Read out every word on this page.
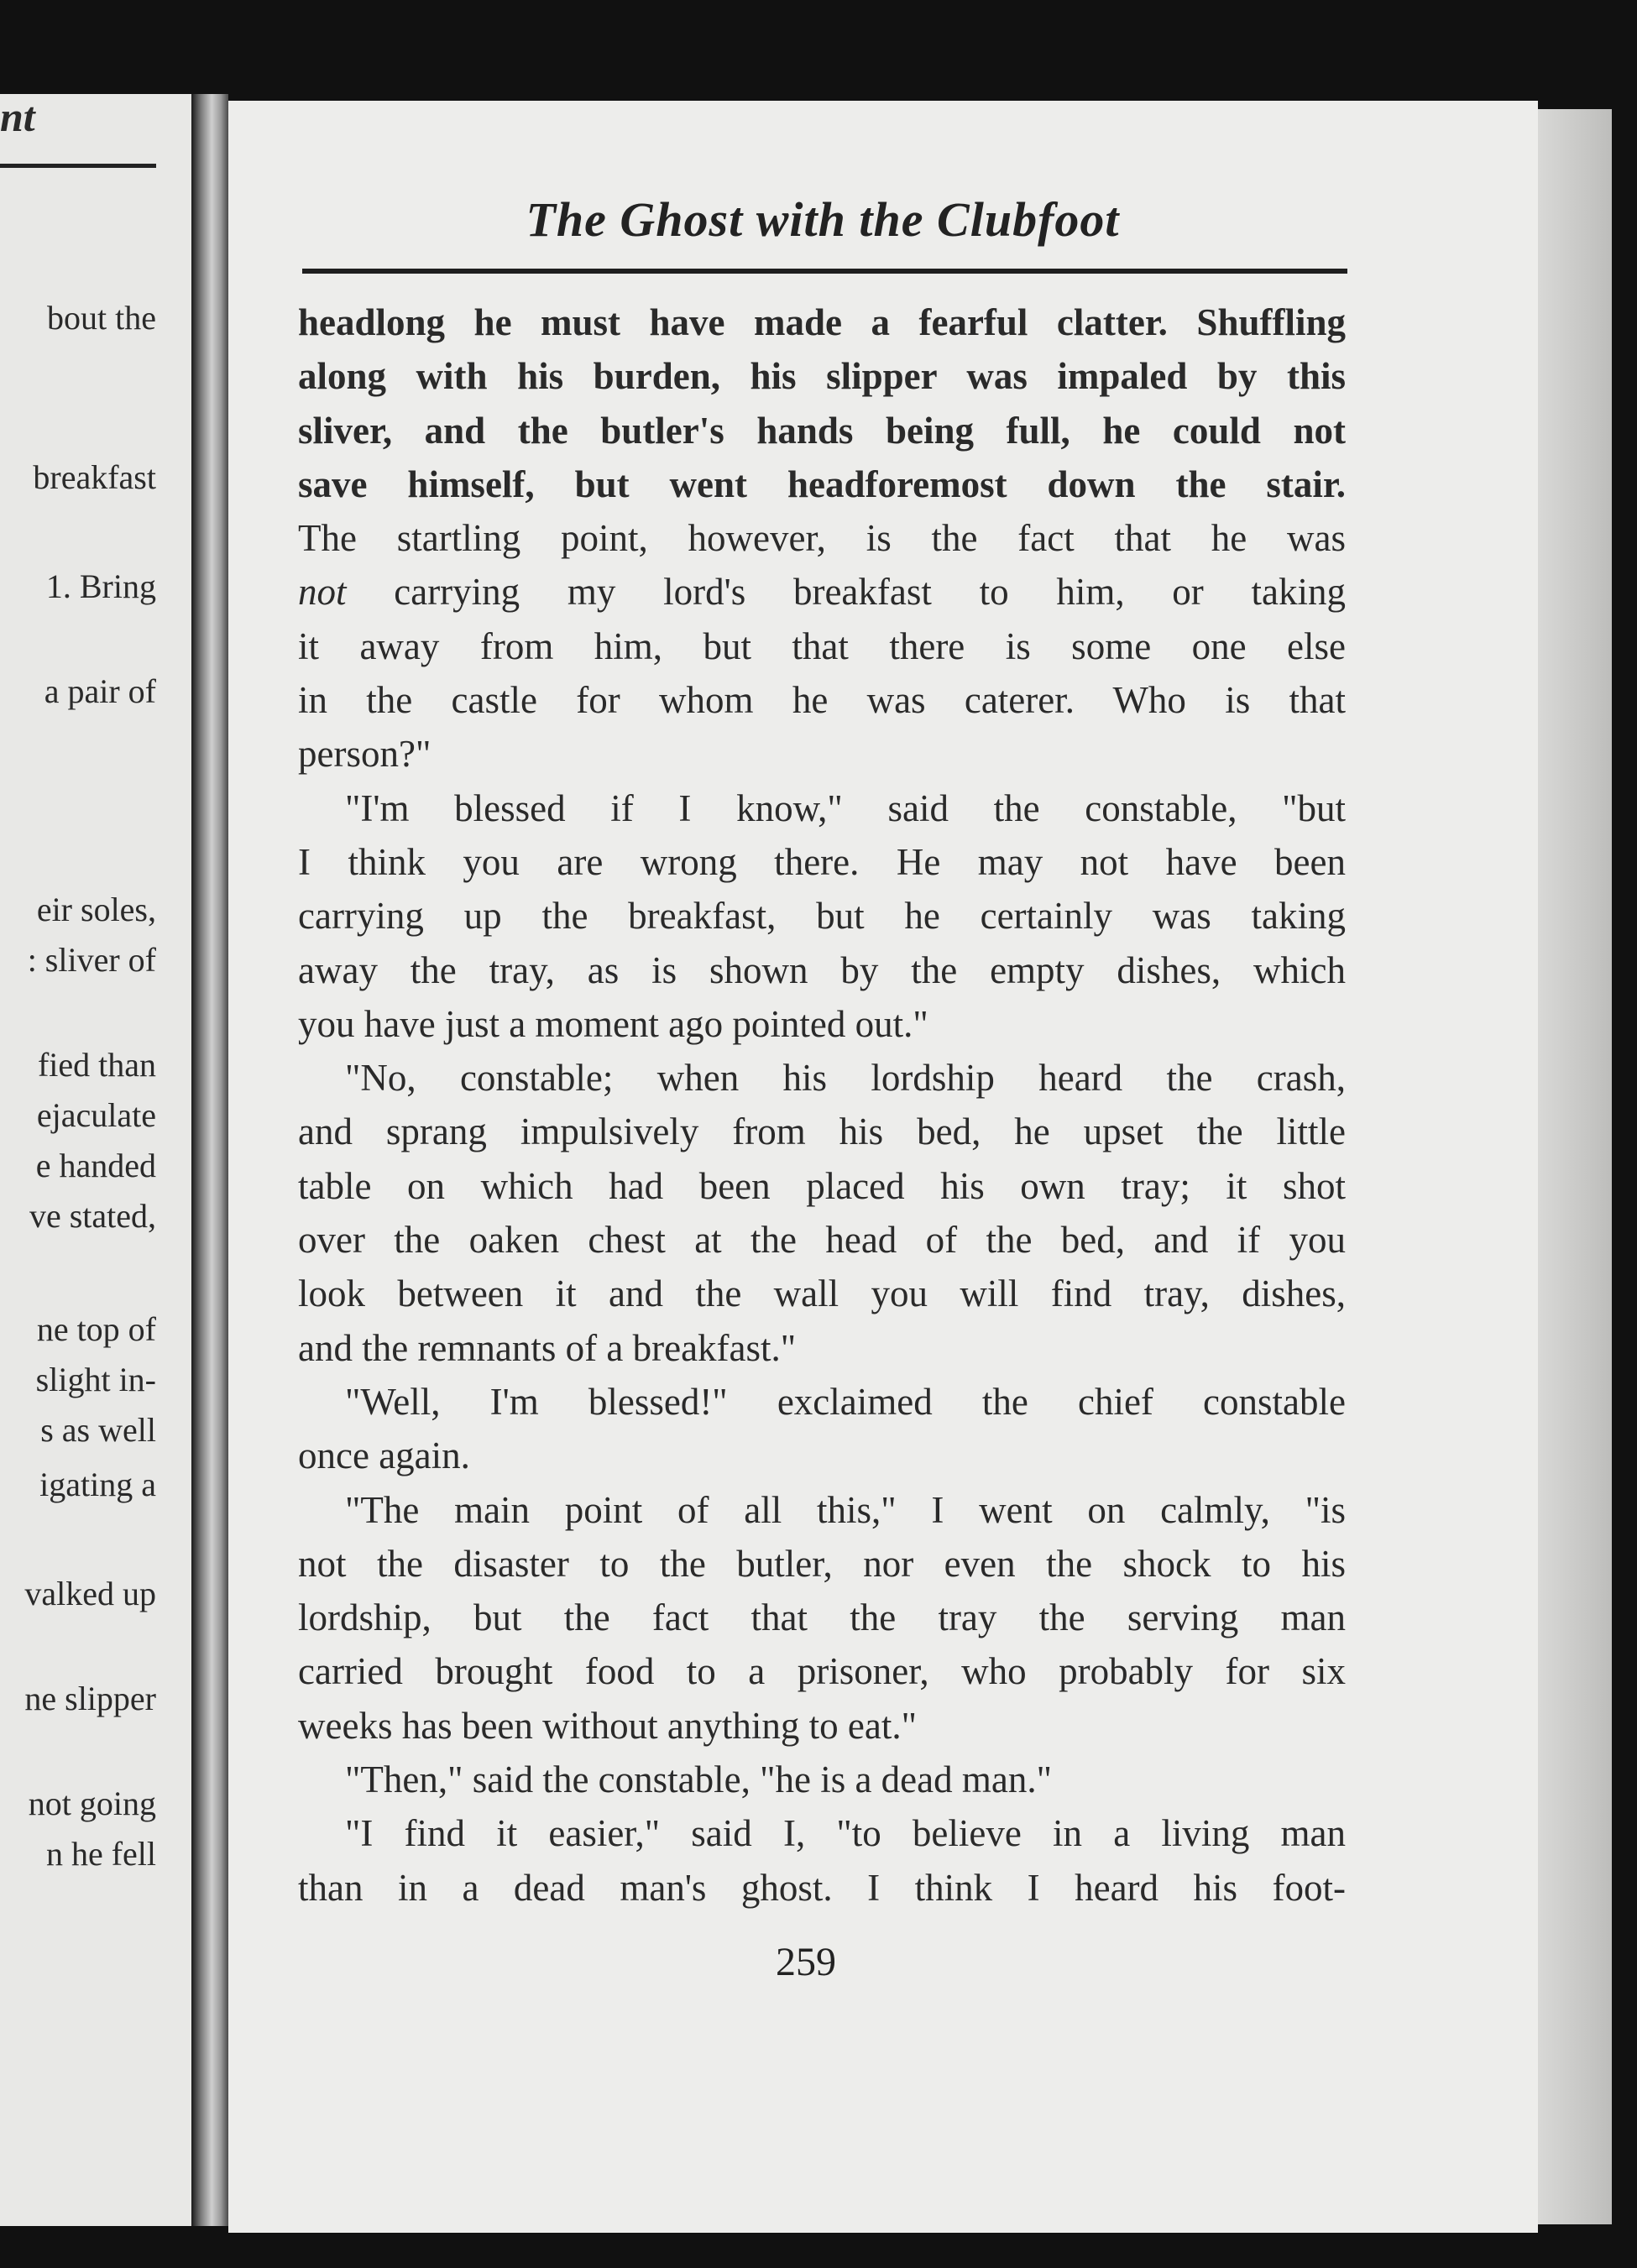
nt
bout the
breakfast
1. Bring
a pair of
eir soles,
: sliver of
fied than
ejaculate
e handed
ve stated,
ne top of
slight in-
s as well
igating a
valked up
ne slipper
not going
n he fell
The Ghost with the Clubfoot
headlong he must have made a fearful clatter. Shuffling
along with his burden, his slipper was impaled by this
sliver, and the butler's hands being full, he could not
save himself, but went headforemost down the stair.
The startling point, however, is the fact that he was
not carrying my lord's breakfast to him, or taking
it away from him, but that there is some one else
in the castle for whom he was caterer. Who is that
person?"
"I'm blessed if I know," said the constable, "but
I think you are wrong there. He may not have been
carrying up the breakfast, but he certainly was taking
away the tray, as is shown by the empty dishes, which
you have just a moment ago pointed out."
"No, constable; when his lordship heard the crash,
and sprang impulsively from his bed, he upset the little
table on which had been placed his own tray; it shot
over the oaken chest at the head of the bed, and if you
look between it and the wall you will find tray, dishes,
and the remnants of a breakfast."
"Well, I'm blessed!" exclaimed the chief constable
once again.
"The main point of all this," I went on calmly, "is
not the disaster to the butler, nor even the shock to his
lordship, but the fact that the tray the serving man
carried brought food to a prisoner, who probably for six
weeks has been without anything to eat."
"Then," said the constable, "he is a dead man."
"I find it easier," said I, "to believe in a living man
than in a dead man's ghost. I think I heard his foot-
259
